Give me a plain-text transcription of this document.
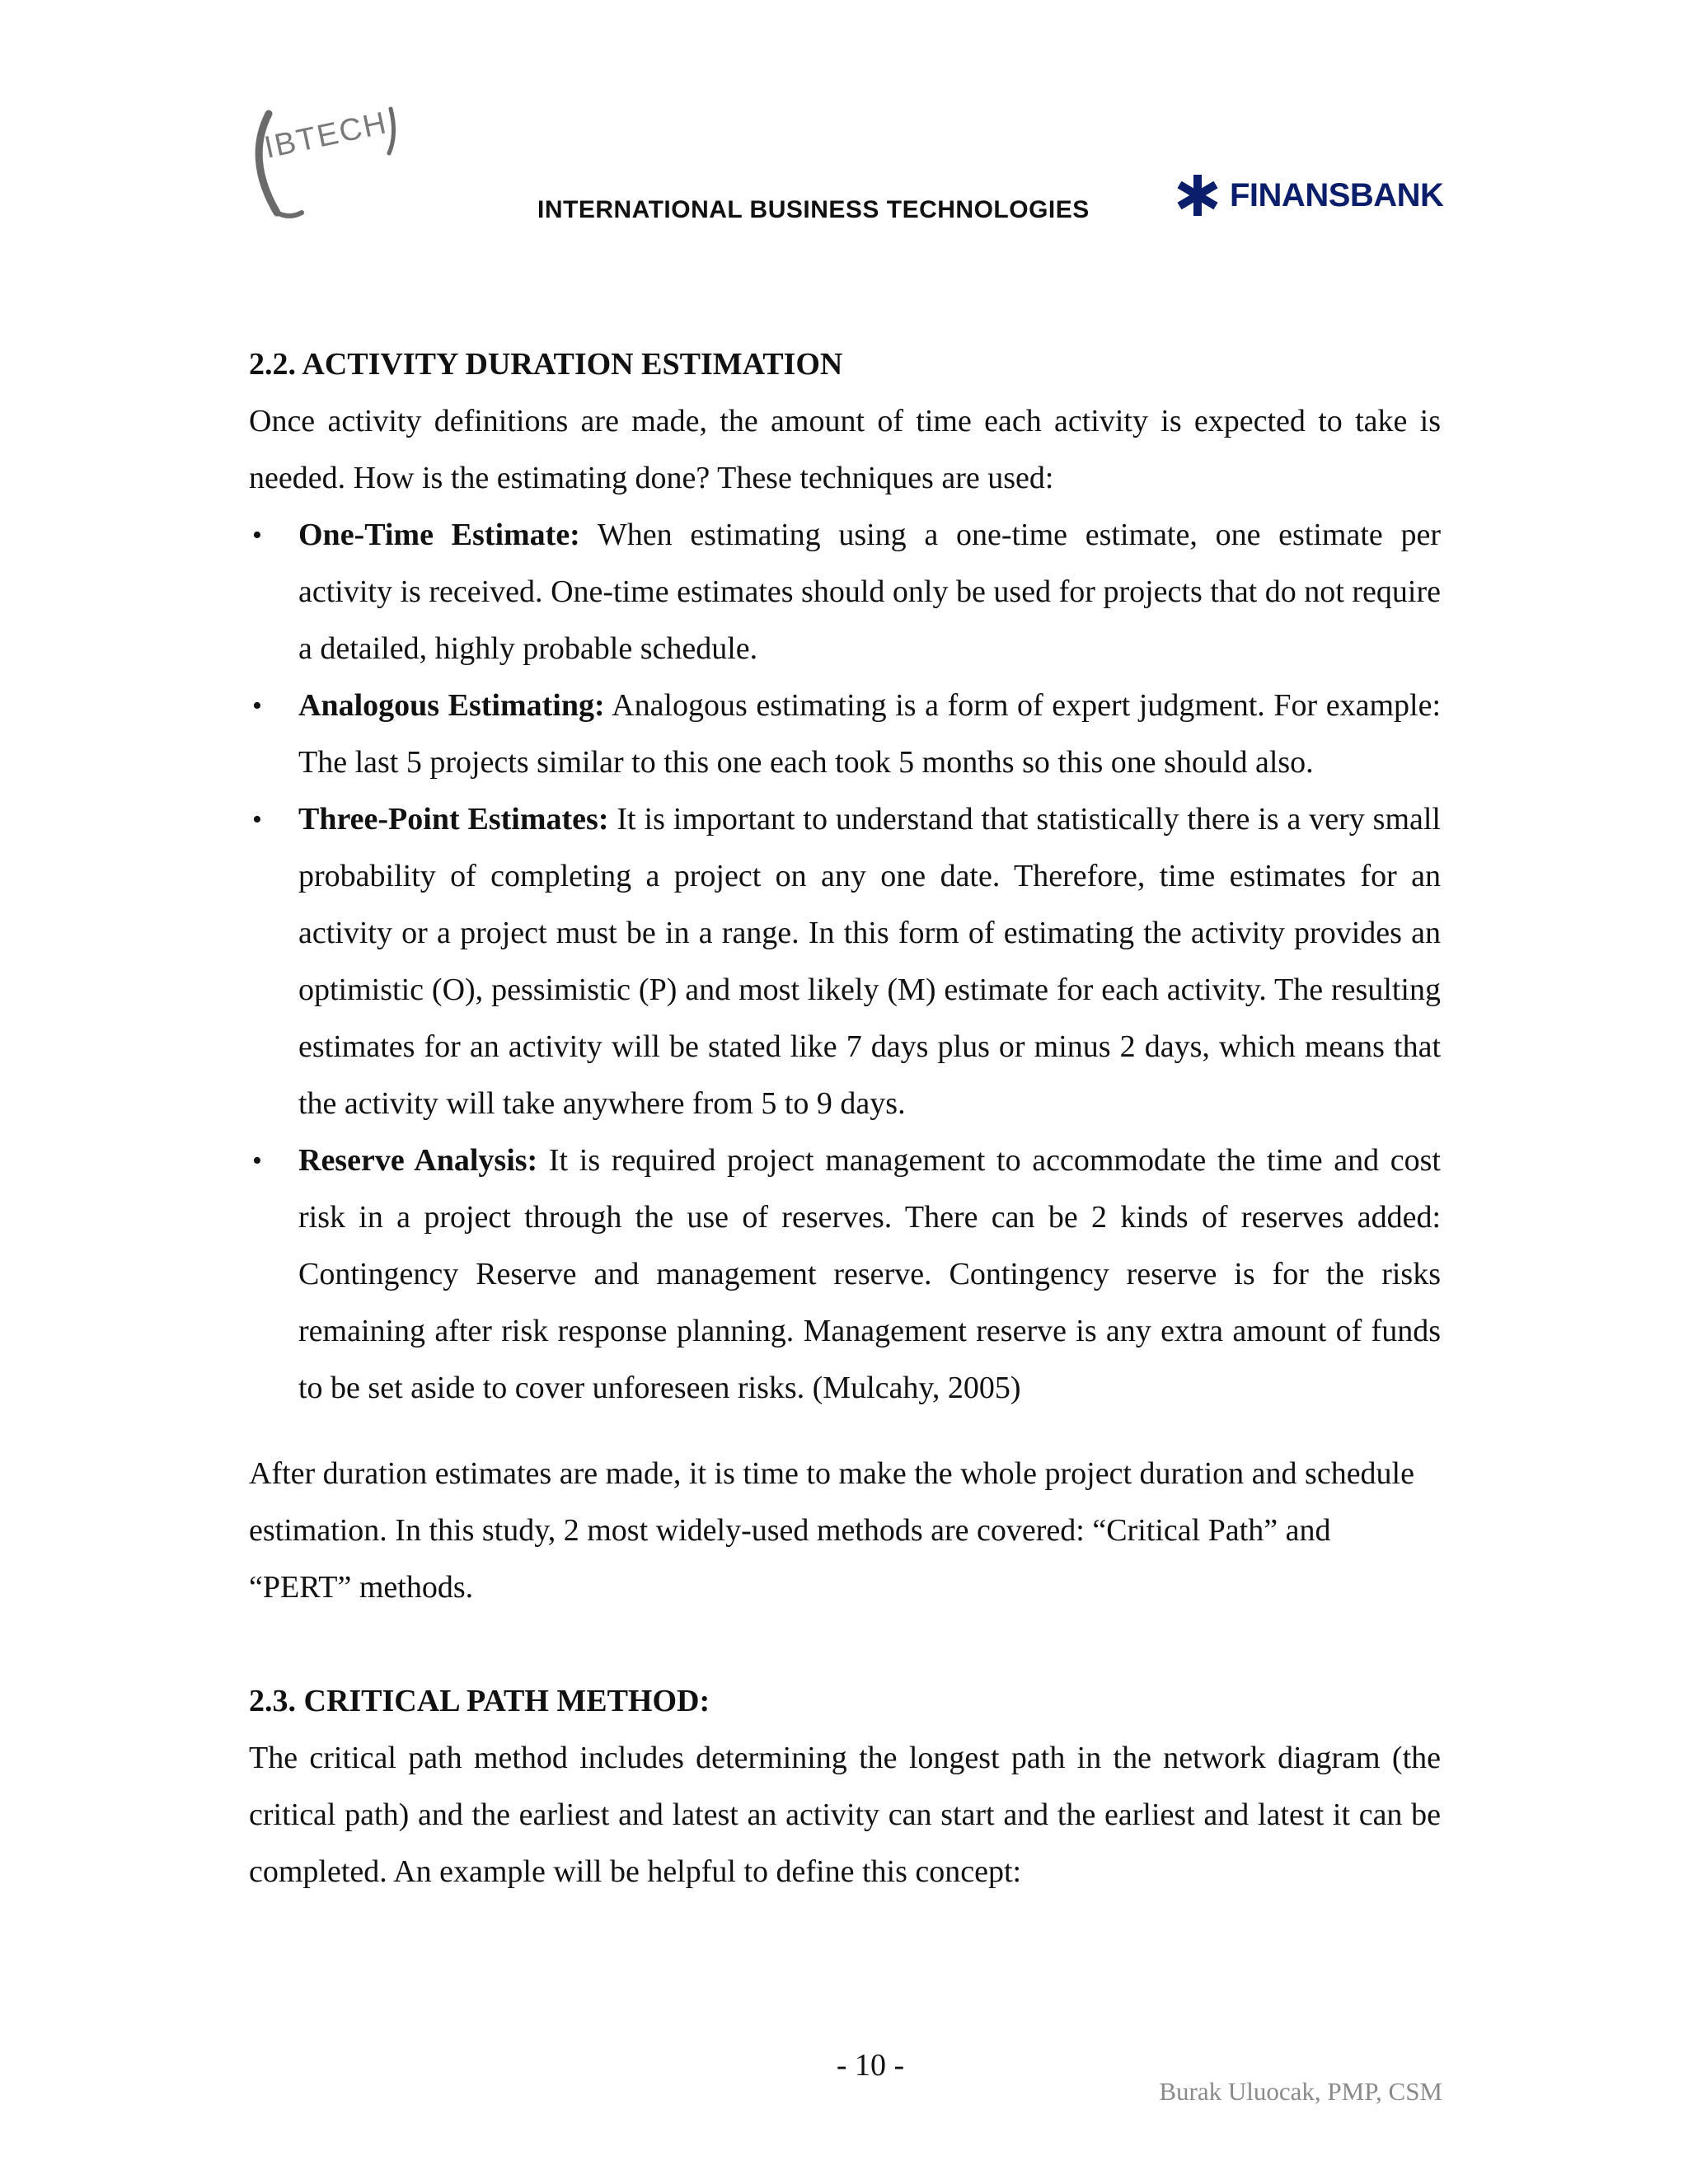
IBTECH
INTERNATIONAL BUSINESS TECHNOLOGIES	FINANSBANK

2.2. ACTIVITY DURATION ESTIMATION

Once activity definitions are made, the amount of time each activity is expected to take is needed. How is the estimating done? These techniques are used:

• One-Time Estimate: When estimating using a one-time estimate, one estimate per activity is received. One-time estimates should only be used for projects that do not require a detailed, highly probable schedule.
• Analogous Estimating: Analogous estimating is a form of expert judgment. For example: The last 5 projects similar to this one each took 5 months so this one should also.
• Three-Point Estimates: It is important to understand that statistically there is a very small probability of completing a project on any one date. Therefore, time estimates for an activity or a project must be in a range. In this form of estimating the activity provides an optimistic (O), pessimistic (P) and most likely (M) estimate for each activity. The resulting estimates for an activity will be stated like 7 days plus or minus 2 days, which means that the activity will take anywhere from 5 to 9 days.
• Reserve Analysis: It is required project management to accommodate the time and cost risk in a project through the use of reserves. There can be 2 kinds of reserves added: Contingency Reserve and management reserve. Contingency reserve is for the risks remaining after risk response planning. Management reserve is any extra amount of funds to be set aside to cover unforeseen risks. (Mulcahy, 2005)

After duration estimates are made, it is time to make the whole project duration and schedule estimation. In this study, 2 most widely-used methods are covered: “Critical Path” and “PERT” methods.

2.3. CRITICAL PATH METHOD:

The critical path method includes determining the longest path in the network diagram (the critical path) and the earliest and latest an activity can start and the earliest and latest it can be completed. An example will be helpful to define this concept:

- 10 -
Burak Uluocak, PMP, CSM
